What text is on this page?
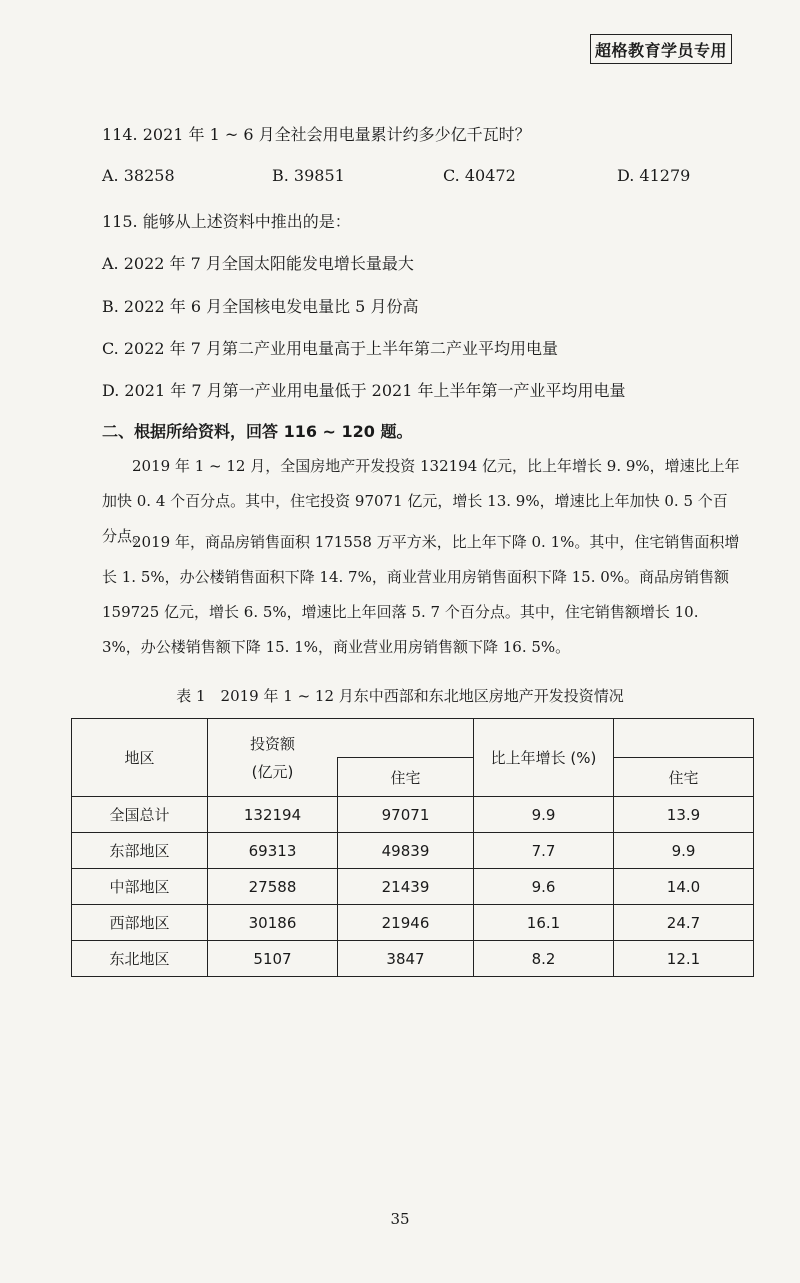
超格教育学员专用
114. 2021 年 1 ~ 6 月全社会用电量累计约多少亿千瓦时？
A. 38258	B. 39851	C. 40472	D. 41279
115. 能够从上述资料中推出的是：
A. 2022 年 7 月全国太阳能发电增长量最大
B. 2022 年 6 月全国核电发电量比 5 月份高
C. 2022 年 7 月第二产业用电量高于上半年第二产业平均用电量
D. 2021 年 7 月第一产业用电量低于 2021 年上半年第一产业平均用电量
二、根据所给资料，回答 116 ~ 120 题。

2019 年 1 ~ 12 月，全国房地产开发投资 132194 亿元，比上年增长 9. 9%，增速比上年加快 0. 4 个百分点。其中，住宅投资 97071 亿元，增长 13. 9%，增速比上年加快 0. 5 个百分点。

2019 年，商品房销售面积 171558 万平方米，比上年下降 0. 1%。其中，住宅销售面积增长 1. 5%，办公楼销售面积下降 14. 7%，商业营业用房销售面积下降 15. 0%。商品房销售额 159725 亿元，增长 6. 5%，增速比上年回落 5. 7 个百分点。其中，住宅销售额增长 10. 3%，办公楼销售额下降 15. 1%，商业营业用房销售额下降 16. 5%。

表 1　2019 年 1 ~ 12 月东中西部和东北地区房地产开发投资情况
地区	投资额
(亿元)		比上年增长 (%)	
		住宅		住宅
全国总计	132194	97071	9.9	13.9
东部地区	69313	49839	7.7	9.9
中部地区	27588	21439	9.6	14.0
西部地区	30186	21946	16.1	24.7
东北地区	5107	3847	8.2	12.1
35
